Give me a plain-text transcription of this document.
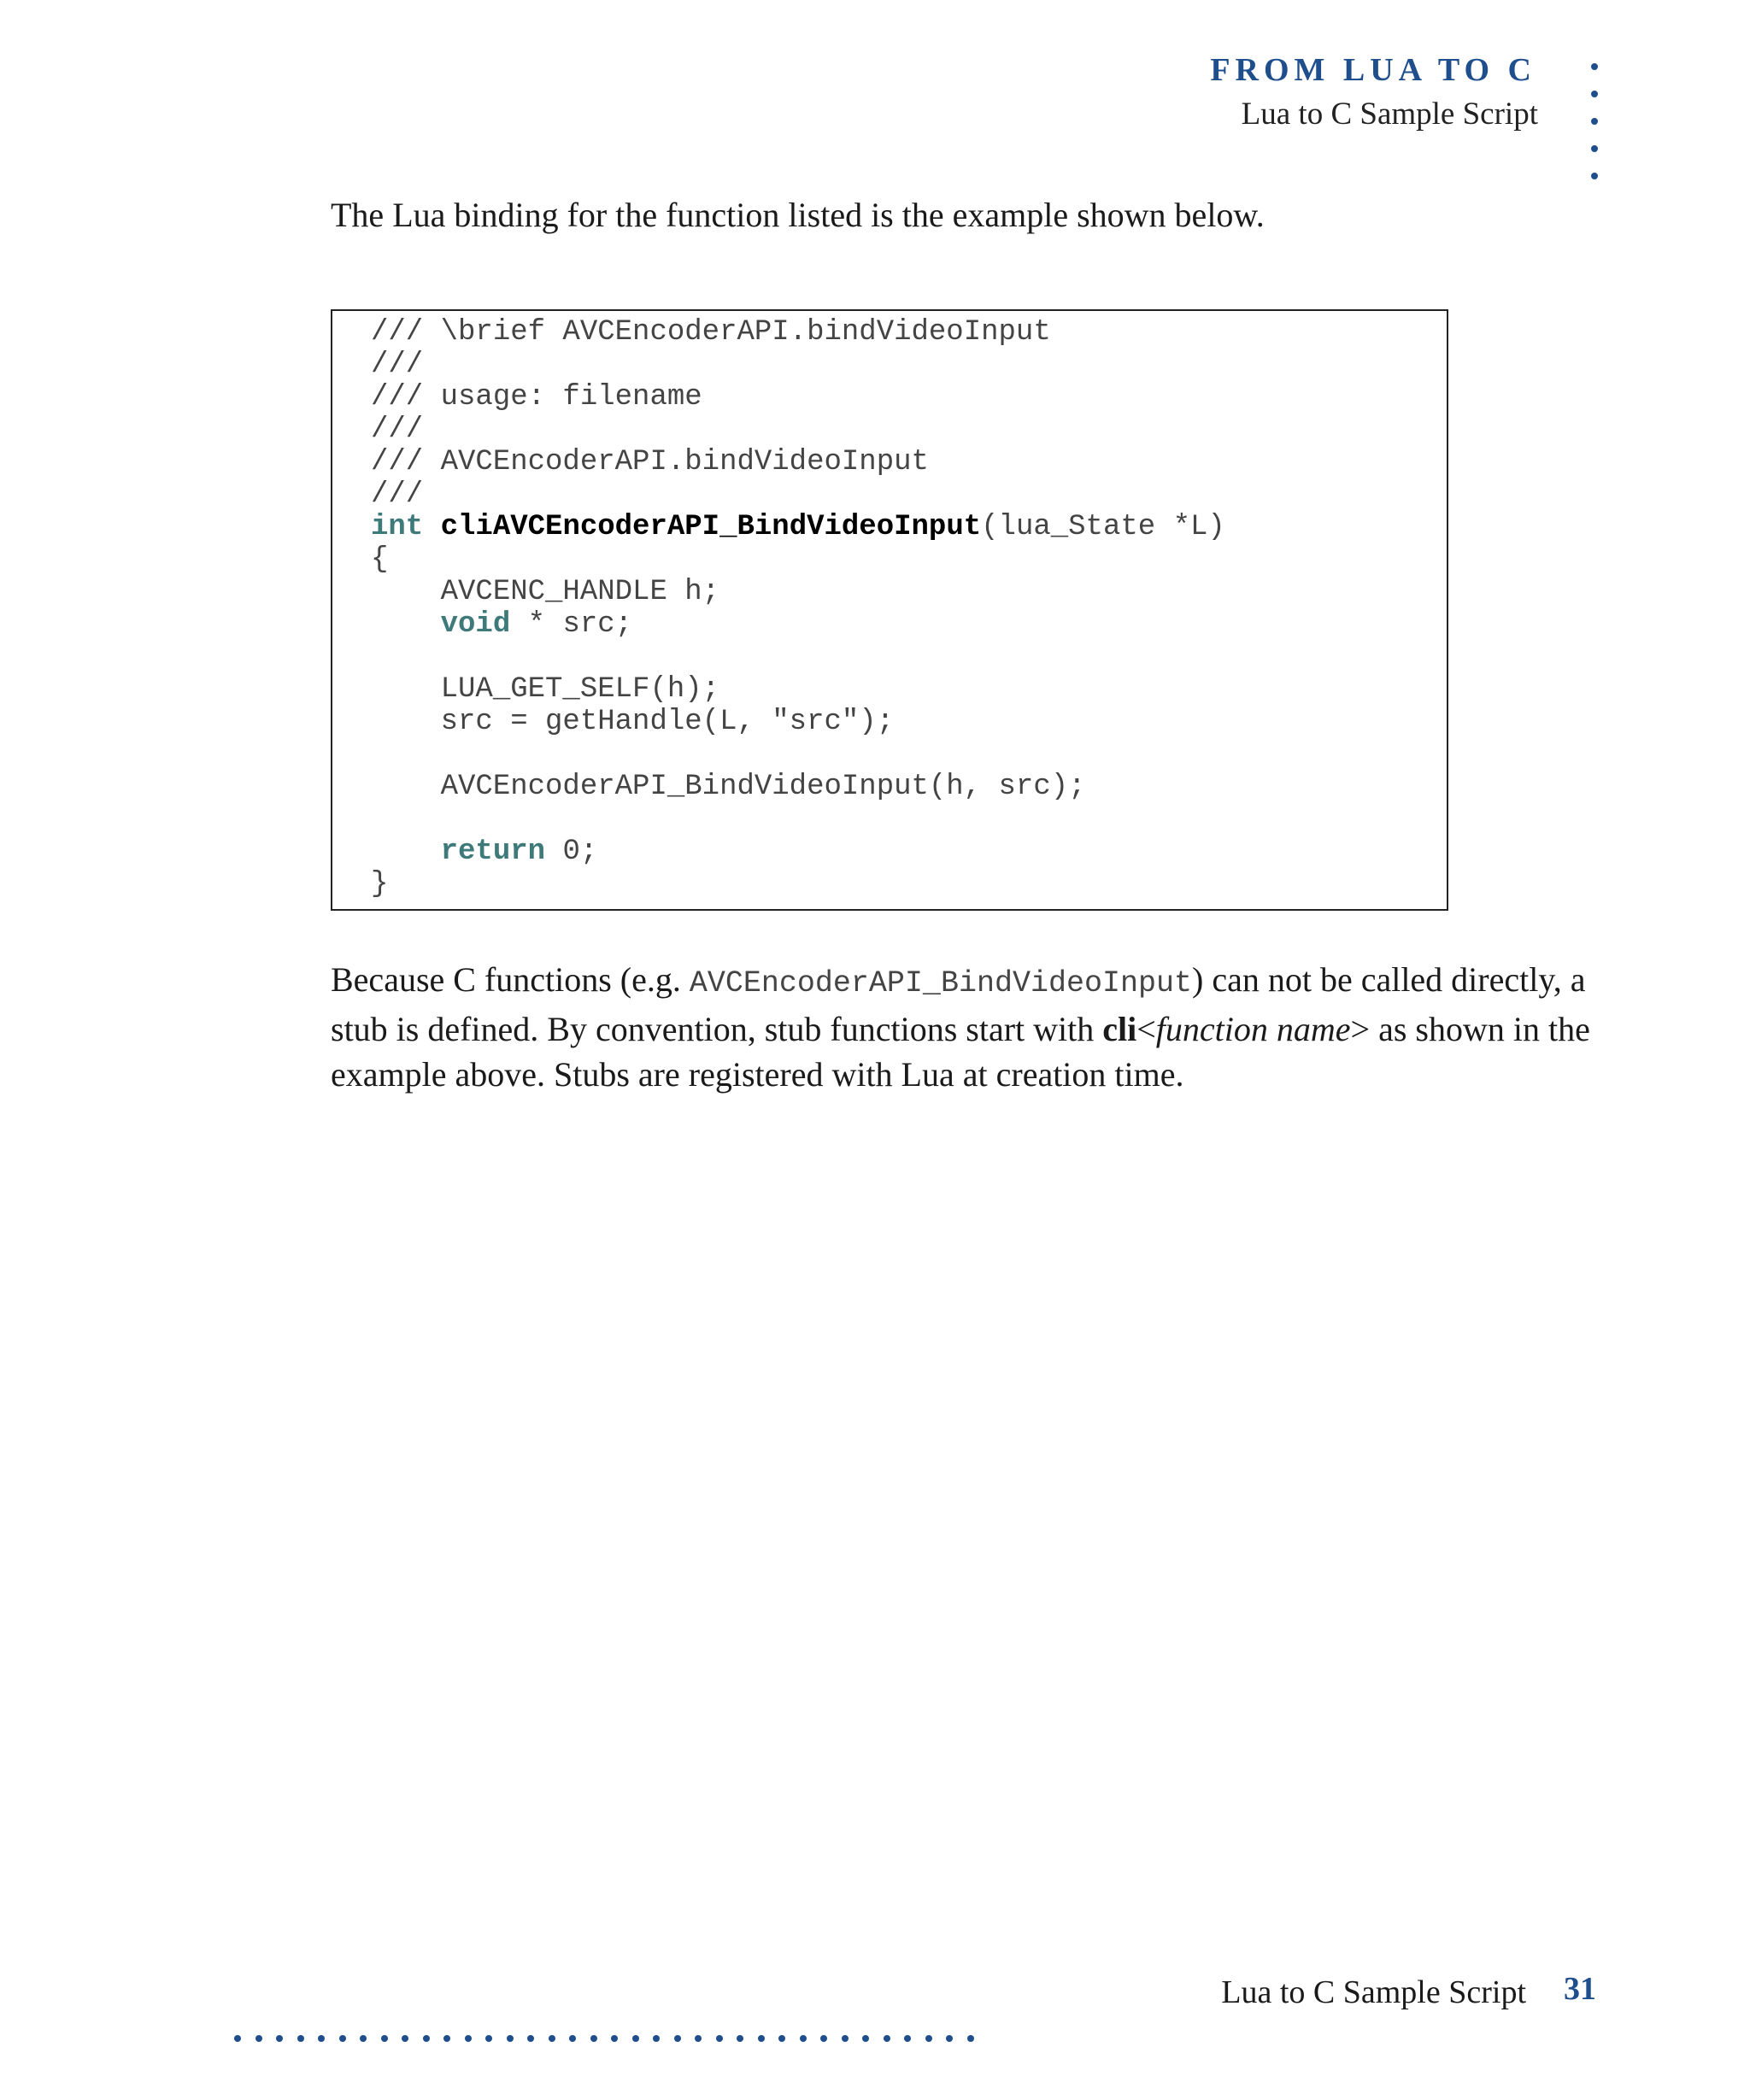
FROM LUA TO C
Lua to C Sample Script
The Lua binding for the function listed is the example shown below.
/// \brief AVCEncoderAPI.bindVideoInput
///
/// usage: filename
///
/// AVCEncoderAPI.bindVideoInput
///
int cliAVCEncoderAPI_BindVideoInput(lua_State *L)
{
AVCENC_HANDLE h;
void * src;
LUA_GET_SELF(h);
src = getHandle(L, "src");
AVCEncoderAPI_BindVideoInput(h, src);
return 0;
}

Because C functions (e.g. AVCEncoderAPI_BindVideoInput) can not be called directly, a

stub is defined. By convention, stub functions start with cli<function name> as shown in the

example above. Stubs are registered with Lua at creation time.

Lua to C Sample Script 31
